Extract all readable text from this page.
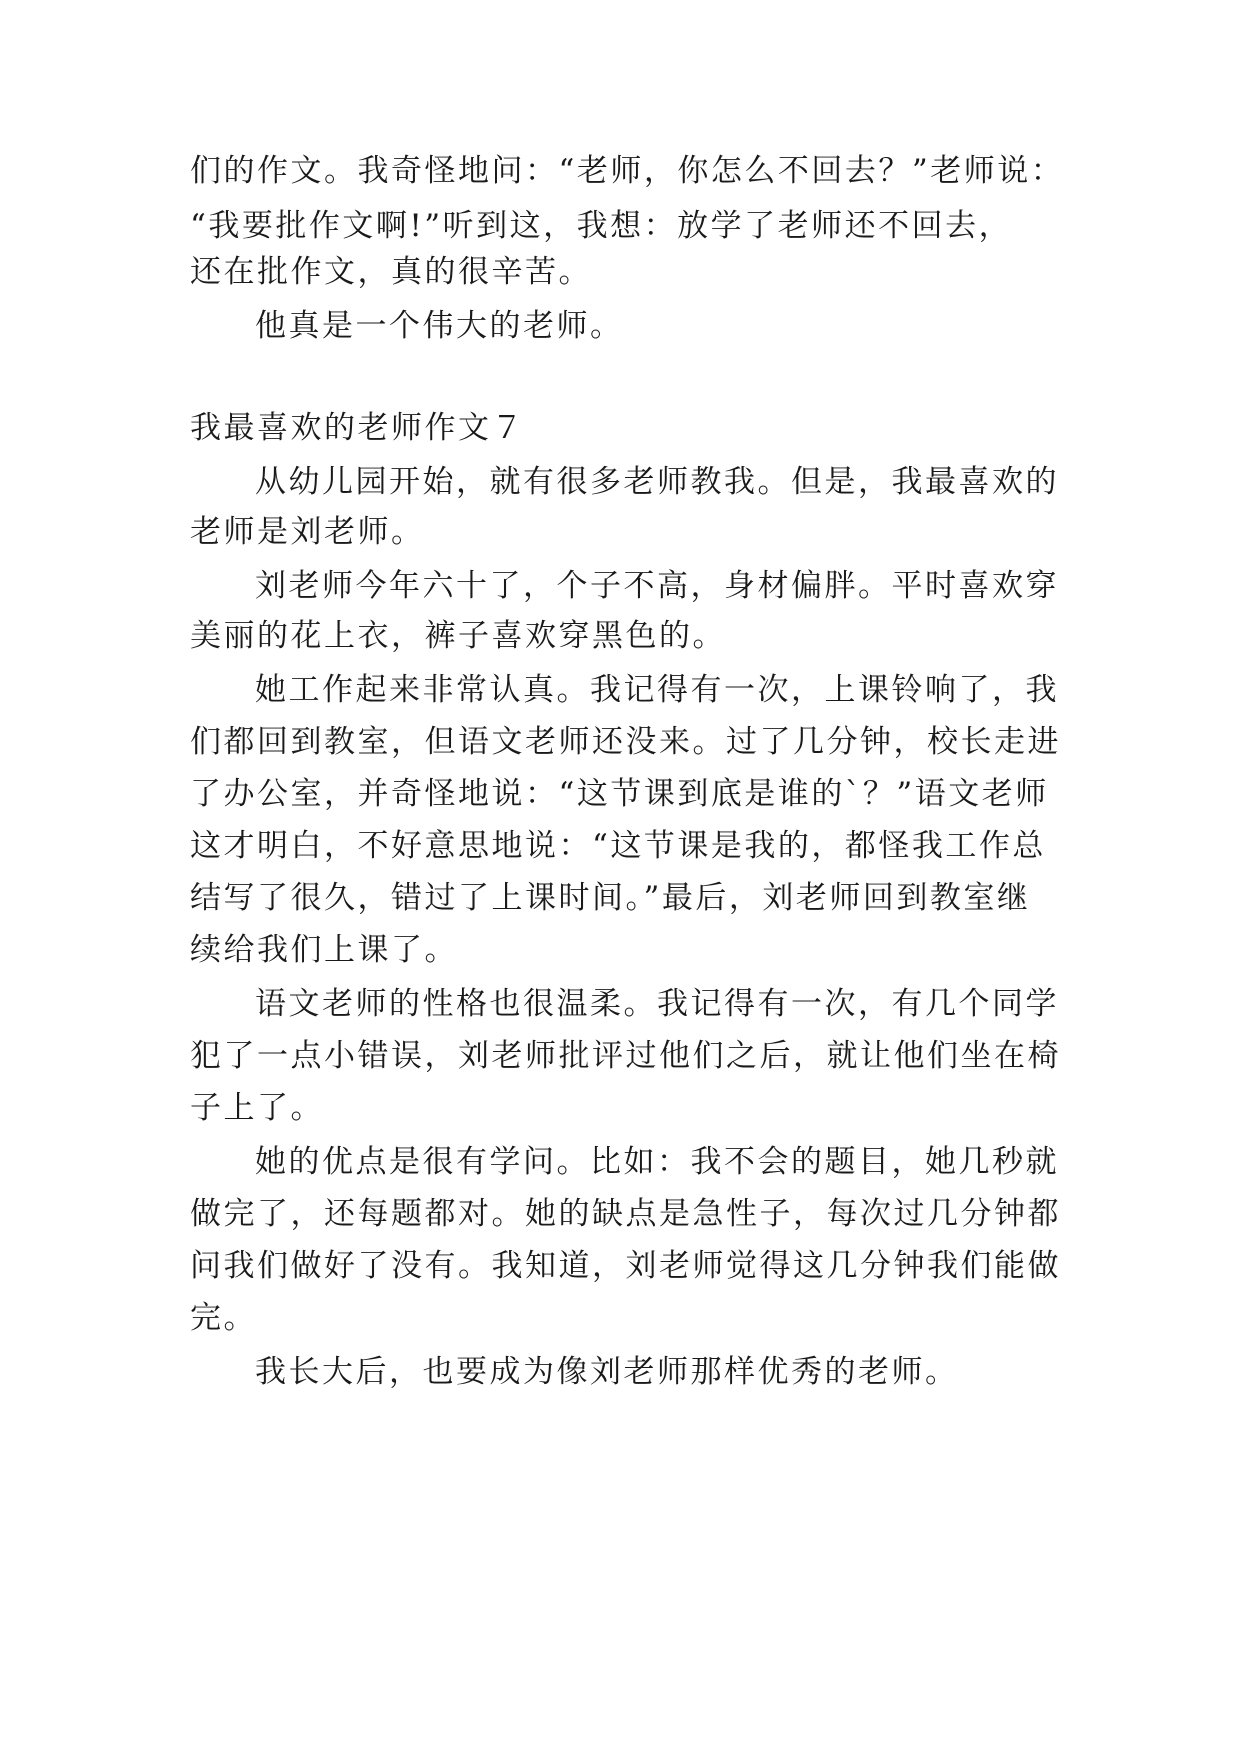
们的作文。我奇怪地问：“老师，你怎么不回去？”老师说：
“我要批作文啊!”听到这，我想：放学了老师还不回去，
还在批作文，真的很辛苦。
他真是一个伟大的老师。
我最喜欢的老师作文７
从幼儿园开始，就有很多老师教我。但是，我最喜欢的
老师是刘老师。
刘老师今年六十了，个子不高，身材偏胖。平时喜欢穿
美丽的花上衣，裤子喜欢穿黑色的。
她工作起来非常认真。我记得有一次，上课铃响了，我
们都回到教室，但语文老师还没来。过了几分钟，校长走进
了办公室，并奇怪地说：“这节课到底是谁的`？”语文老师
这才明白，不好意思地说：“这节课是我的，都怪我工作总
结写了很久，错过了上课时间。”最后，刘老师回到教室继
续给我们上课了。
语文老师的性格也很温柔。我记得有一次，有几个同学
犯了一点小错误，刘老师批评过他们之后，就让他们坐在椅
子上了。
她的优点是很有学问。比如：我不会的题目，她几秒就
做完了，还每题都对。她的缺点是急性子，每次过几分钟都
问我们做好了没有。我知道，刘老师觉得这几分钟我们能做
完。
我长大后，也要成为像刘老师那样优秀的老师。
